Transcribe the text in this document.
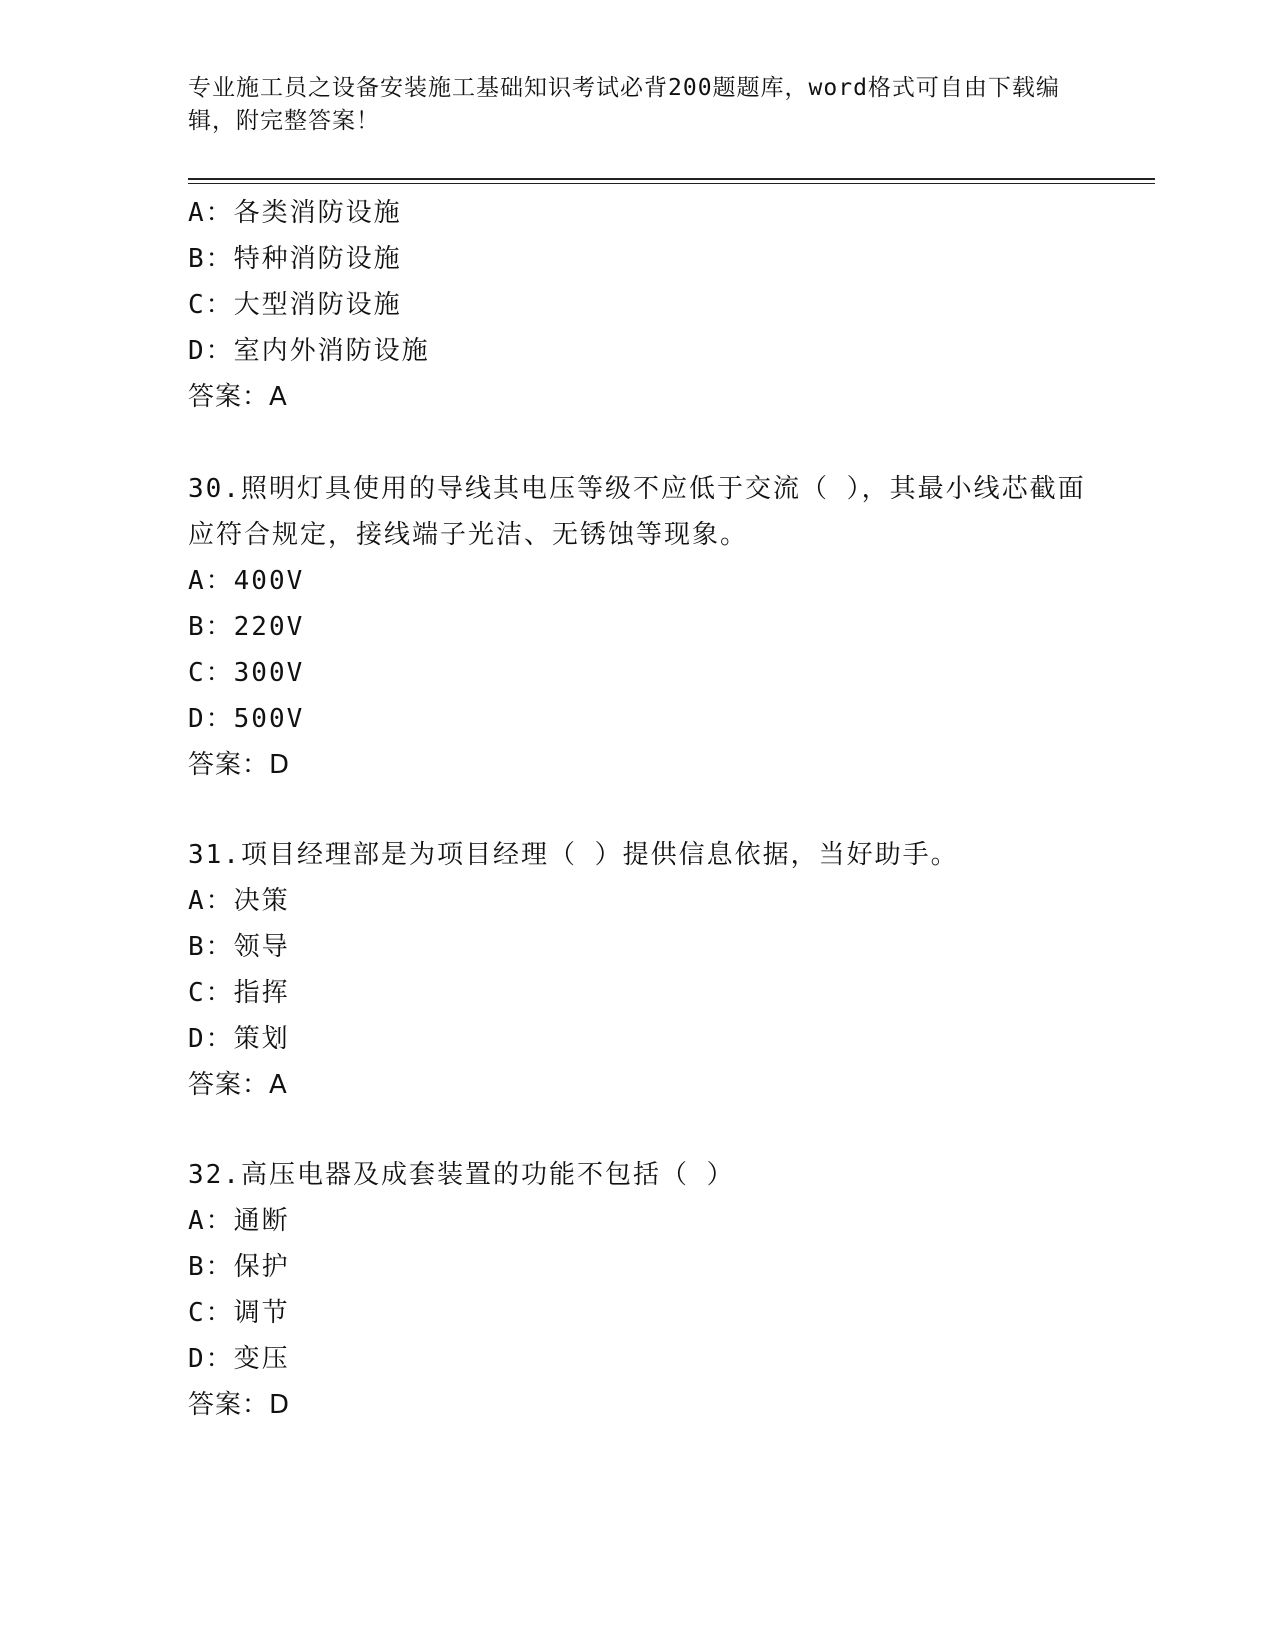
专业施工员之设备安装施工基础知识考试必背200题题库，word格式可自由下载编辑，附完整答案！
A：各类消防设施
B：特种消防设施
C：大型消防设施
D：室内外消防设施
答案：A
30.照明灯具使用的导线其电压等级不应低于交流（ ），其最小线芯截面应符合规定，接线端子光洁、无锈蚀等现象。
A：400V
B：220V
C：300V
D：500V
答案：D
31.项目经理部是为项目经理（ ）提供信息依据，当好助手。
A：决策
B：领导
C：指挥
D：策划
答案：A
32.高压电器及成套装置的功能不包括（ ）
A：通断
B：保护
C：调节
D：变压
答案：D
